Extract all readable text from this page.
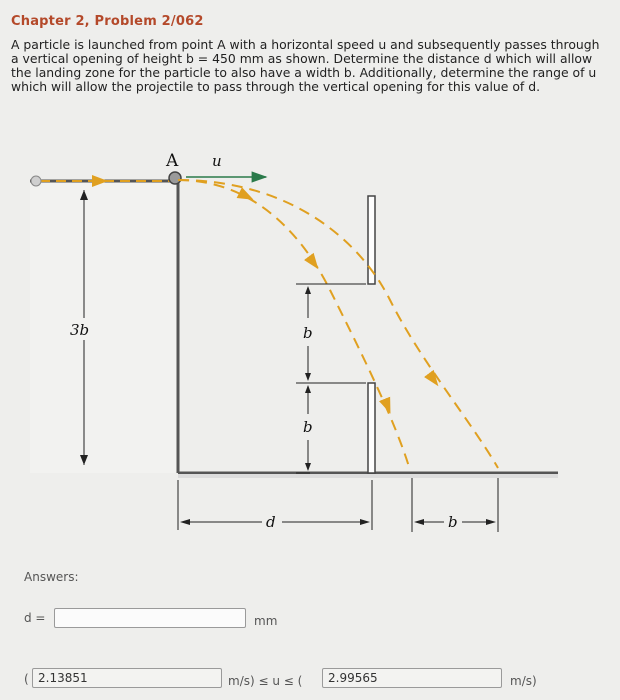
Chapter 2, Problem 2/062
A particle is launched from point A with a horizontal speed u and subsequently passes through a vertical opening of height b = 450 mm as shown. Determine the distance d which will allow the landing zone for the particle to also have a width b. Additionally, determine the range of u which will allow the projectile to pass through the vertical opening for this value of d.
A u
3b	b
b
d	b
Answers:
d =	mm
(
2.13851	m/s) ≤ u ≤ (
2.99565	m/s)
